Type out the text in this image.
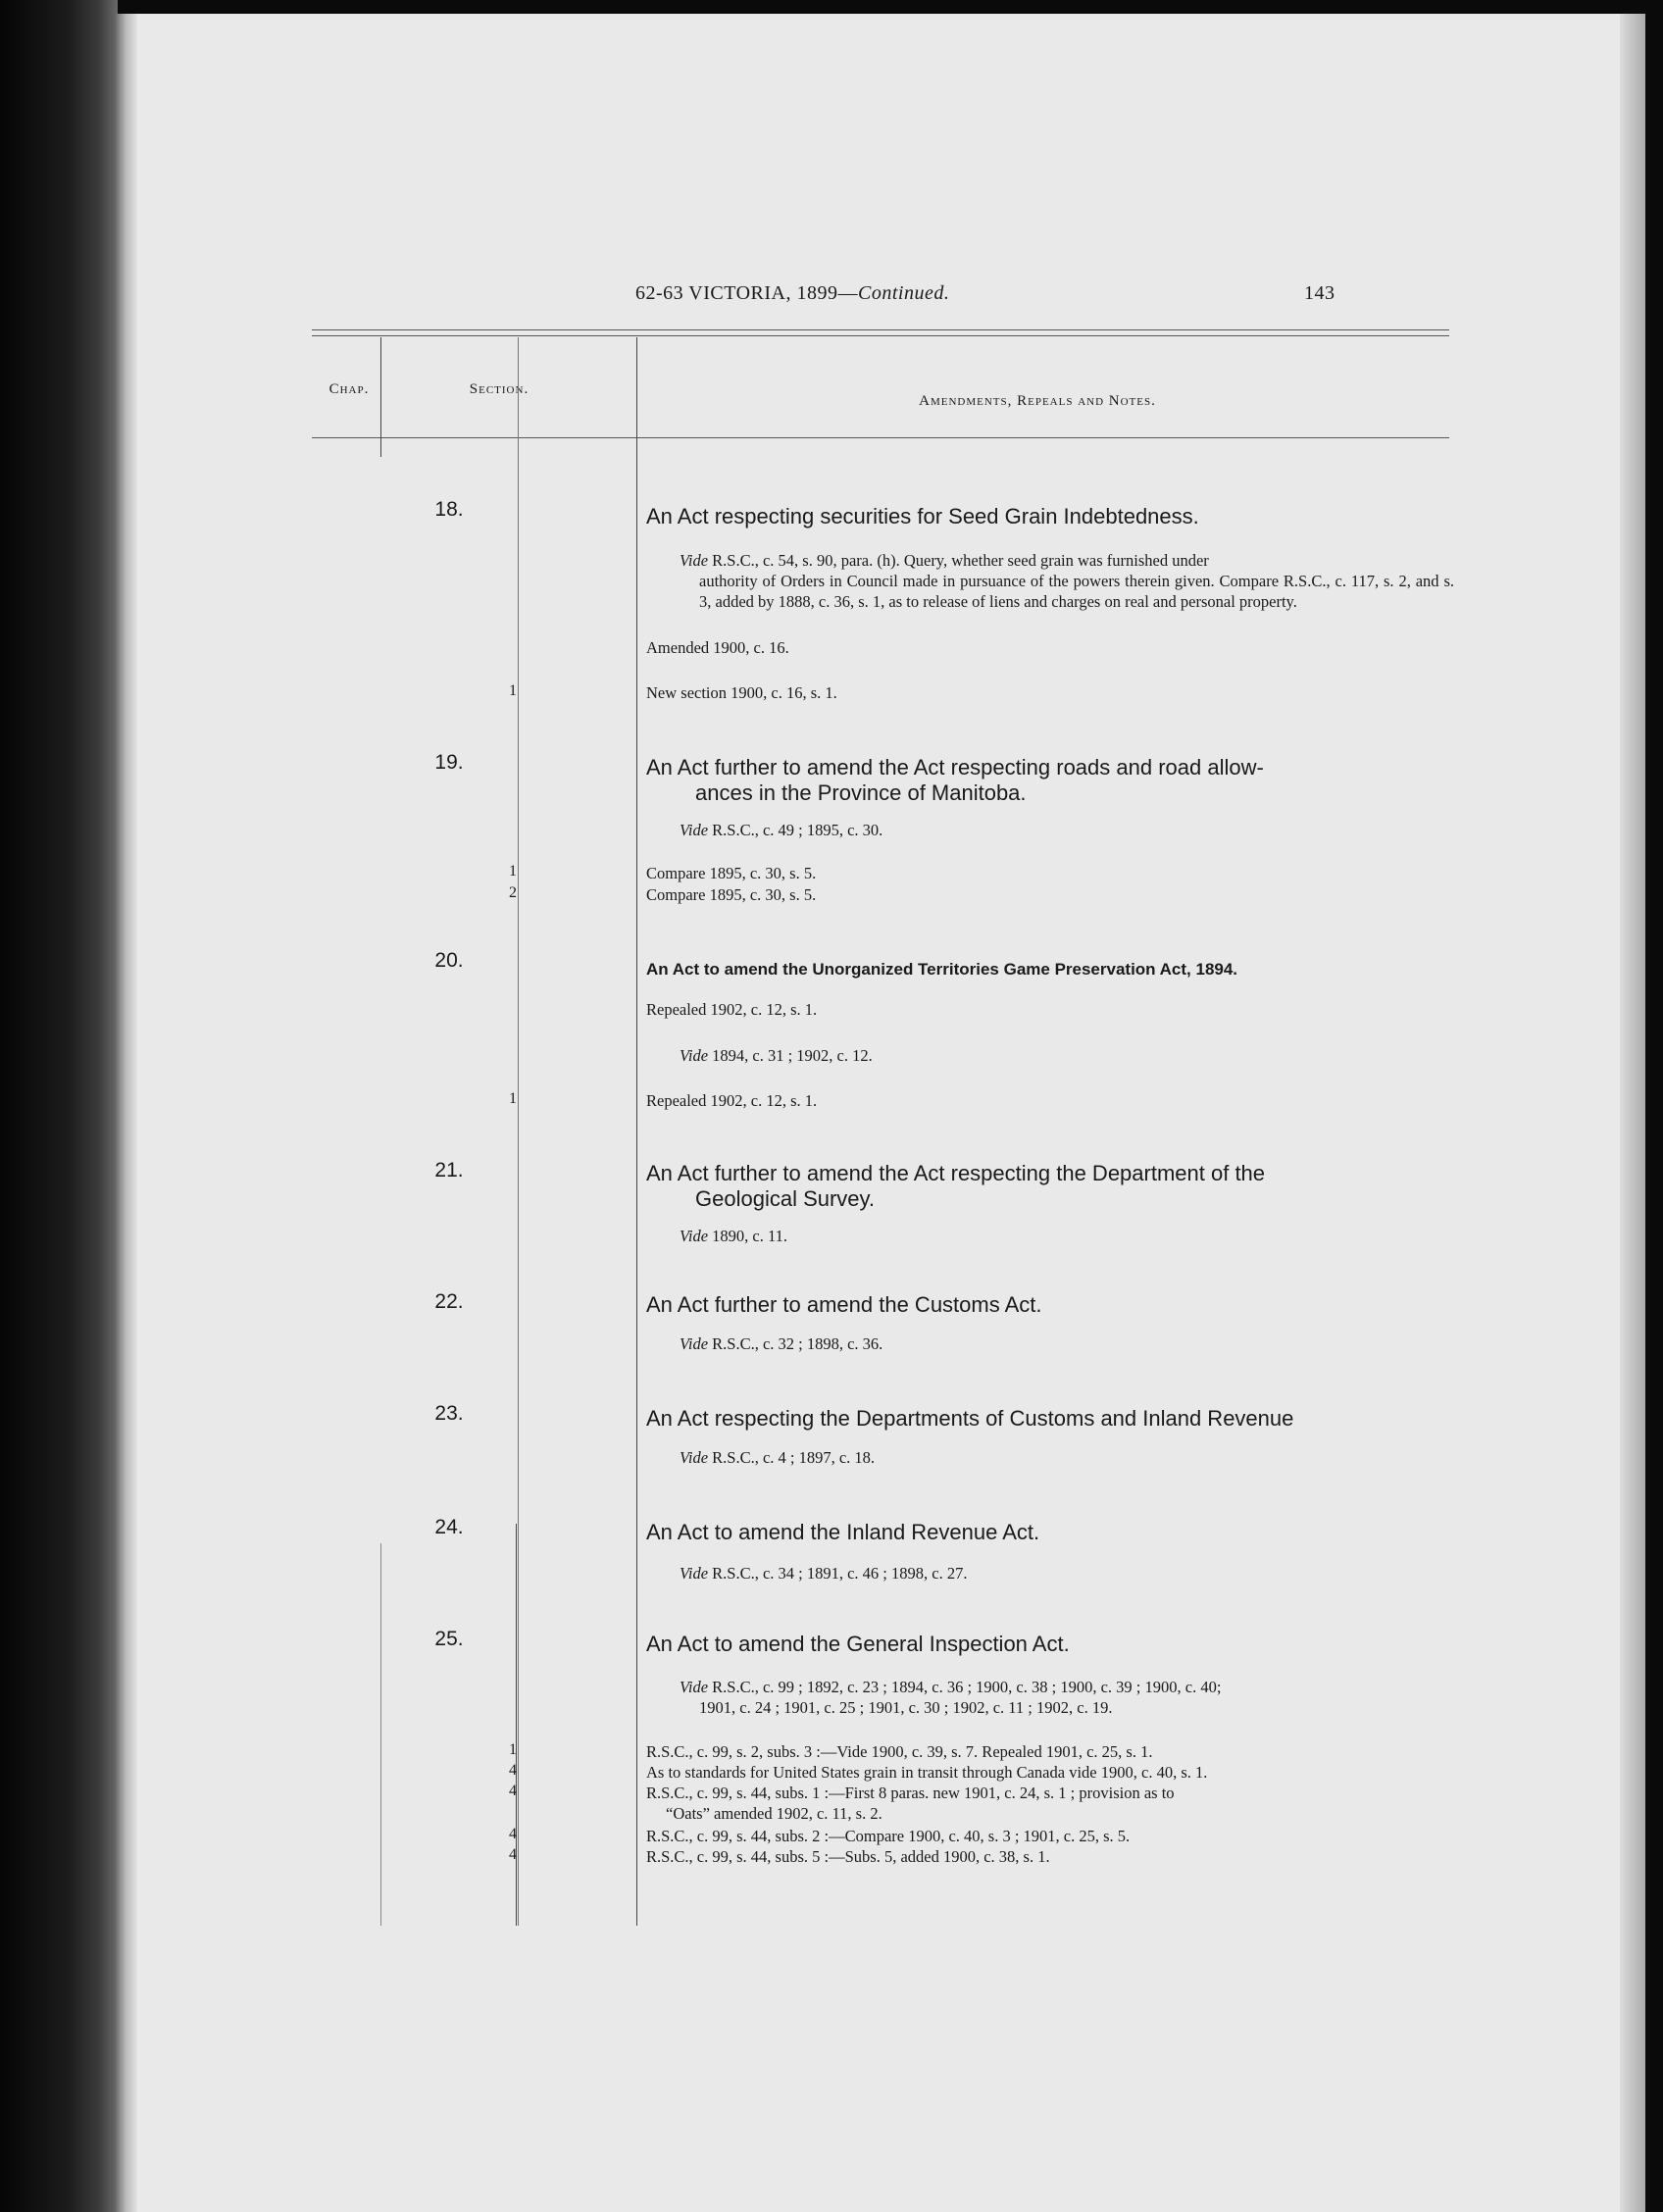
62-63 VICTORIA, 1899—Continued.	143
Chap.	Section.
Amendments, Repeals and Notes.
18.	An Act respecting securities for Seed Grain Indebtedness.
Vide R.S.C., c. 54, s. 90, para. (h). Query, whether seed grain was furnished under
authority of Orders in Council made in pursuance of the powers therein given. Compare R.S.C., c. 117, s. 2, and s. 3, added by 1888, c. 36, s. 1, as to release of liens and charges on real and personal property.
Amended 1900, c. 16.
1	New section 1900, c. 16, s. 1.
19.	An Act further to amend the Act respecting roads and road allow-
ances in the Province of Manitoba.
Vide R.S.C., c. 49 ; 1895, c. 30.
1	Compare 1895, c. 30, s. 5.
2	Compare 1895, c. 30, s. 5.
20.	An Act to amend the Unorganized Territories Game Preservation Act, 1894.
Repealed 1902, c. 12, s. 1.
Vide 1894, c. 31 ; 1902, c. 12.
1	Repealed 1902, c. 12, s. 1.
21.	An Act further to amend the Act respecting the Department of the
Geological Survey.
Vide 1890, c. 11.
22.	An Act further to amend the Customs Act.
Vide R.S.C., c. 32 ; 1898, c. 36.
23.	An Act respecting the Departments of Customs and Inland Revenue
Vide R.S.C., c. 4 ; 1897, c. 18.
24.	An Act to amend the Inland Revenue Act.
Vide R.S.C., c. 34 ; 1891, c. 46 ; 1898, c. 27.
25.	An Act to amend the General Inspection Act.
Vide R.S.C., c. 99 ; 1892, c. 23 ; 1894, c. 36 ; 1900, c. 38 ; 1900, c. 39 ; 1900, c. 40;
1901, c. 24 ; 1901, c. 25 ; 1901, c. 30 ; 1902, c. 11 ; 1902, c. 19.
1	R.S.C., c. 99, s. 2, subs. 3 :—Vide 1900, c. 39, s. 7. Repealed 1901, c. 25, s. 1.
4	As to standards for United States grain in transit through Canada vide 1900, c. 40, s. 1.
4	R.S.C., c. 99, s. 44, subs. 1 :—First 8 paras. new 1901, c. 24, s. 1 ; provision as to
“Oats” amended 1902, c. 11, s. 2.
4	R.S.C., c. 99, s. 44, subs. 2 :—Compare 1900, c. 40, s. 3 ; 1901, c. 25, s. 5.
4	R.S.C., c. 99, s. 44, subs. 5 :—Subs. 5, added 1900, c. 38, s. 1.
